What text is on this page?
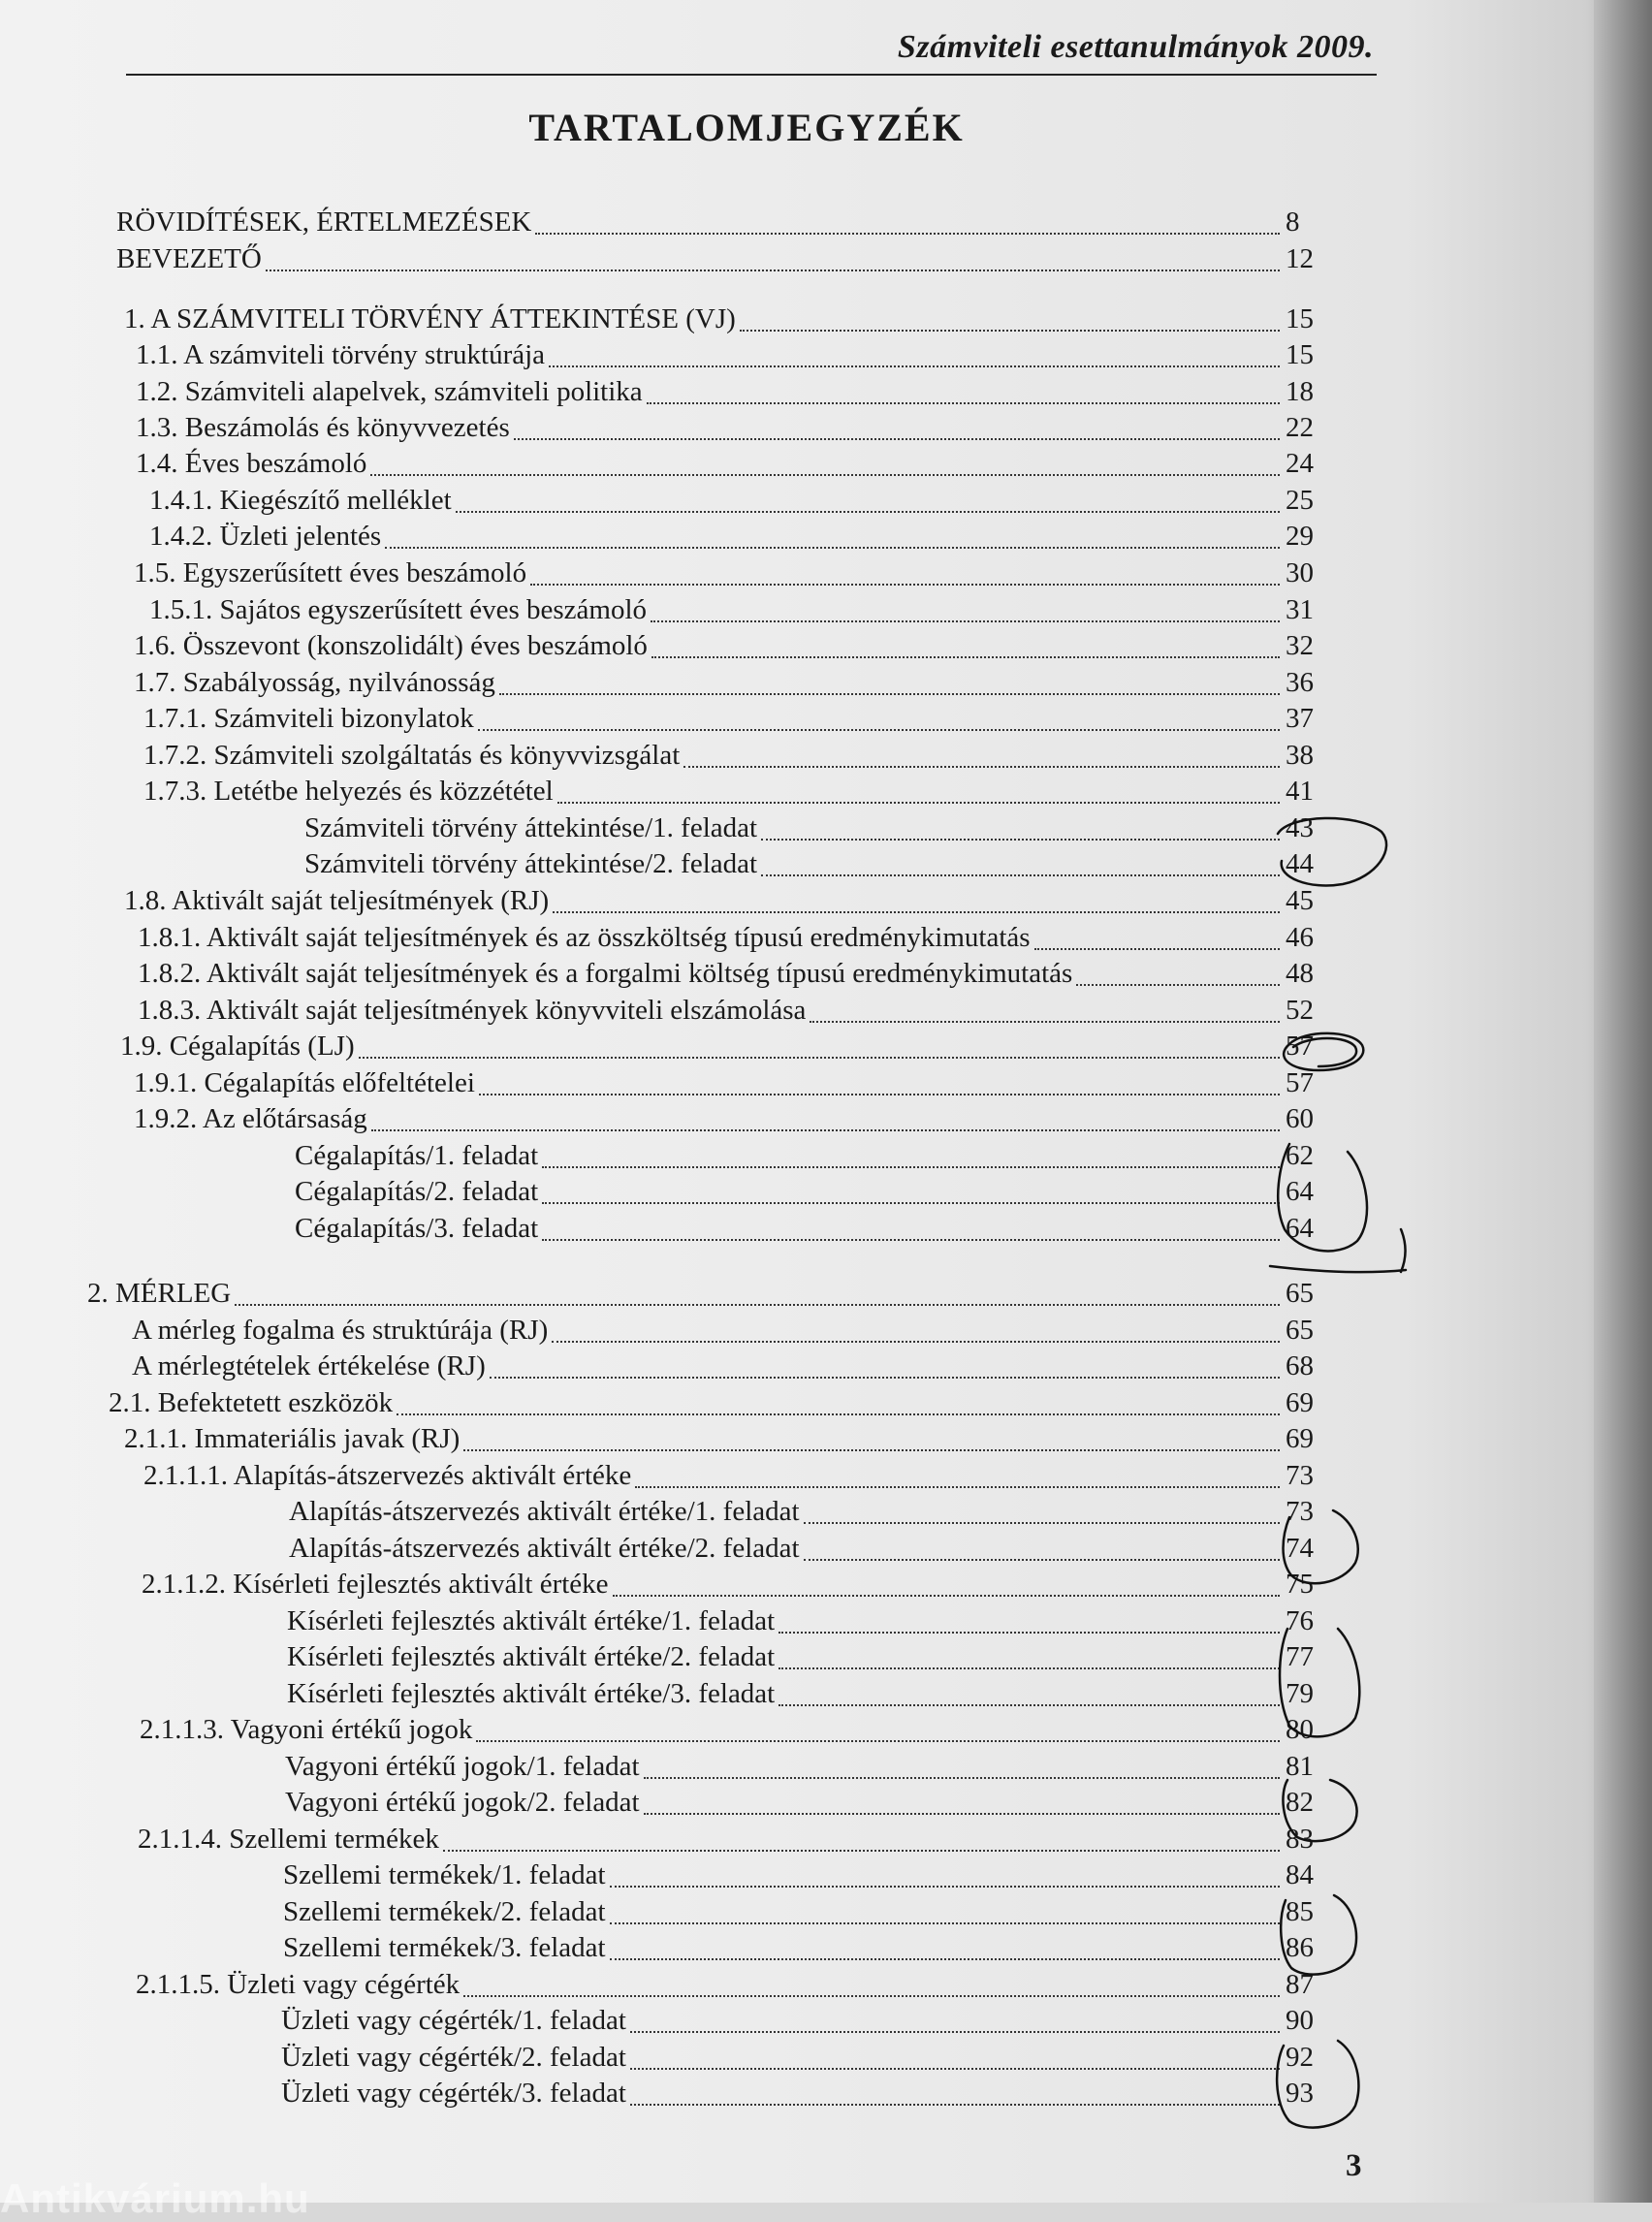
Számviteli esettanulmányok 2009.
TARTALOMJEGYZÉK
RÖVIDÍTÉSEK, ÉRTELMEZÉSEK	8
BEVEZETŐ	12
1. A SZÁMVITELI TÖRVÉNY ÁTTEKINTÉSE (VJ)	15
1.1. A számviteli törvény struktúrája	15
1.2. Számviteli alapelvek, számviteli politika	18
1.3. Beszámolás és könyvvezetés	22
1.4. Éves beszámoló	24
1.4.1. Kiegészítő melléklet	25
1.4.2. Üzleti jelentés	29
1.5. Egyszerűsített éves beszámoló	30
1.5.1. Sajátos egyszerűsített éves beszámoló	31
1.6. Összevont (konszolidált) éves beszámoló	32
1.7. Szabályosság, nyilvánosság	36
1.7.1. Számviteli bizonylatok	37
1.7.2. Számviteli szolgáltatás és könyvvizsgálat	38
1.7.3. Letétbe helyezés és közzététel	41
Számviteli törvény áttekintése/1. feladat	43
Számviteli törvény áttekintése/2. feladat	44
1.8. Aktivált saját teljesítmények (RJ)	45
1.8.1. Aktivált saját teljesítmények és az összköltség típusú eredménykimutatás	46
1.8.2. Aktivált saját teljesítmények és a forgalmi költség típusú eredménykimutatás	48
1.8.3. Aktivált saját teljesítmények könyvviteli elszámolása	52
1.9. Cégalapítás (LJ)	57
1.9.1. Cégalapítás előfeltételei	57
1.9.2. Az előtársaság	60
Cégalapítás/1. feladat	62
Cégalapítás/2. feladat	64
Cégalapítás/3. feladat	64
2. MÉRLEG	65
A mérleg fogalma és struktúrája (RJ)	65
A mérlegtételek értékelése (RJ)	68
2.1. Befektetett eszközök	69
2.1.1. Immateriális javak (RJ)	69
2.1.1.1. Alapítás-átszervezés aktivált értéke	73
Alapítás-átszervezés aktivált értéke/1. feladat	73
Alapítás-átszervezés aktivált értéke/2. feladat	74
2.1.1.2. Kísérleti fejlesztés aktivált értéke	75
Kísérleti fejlesztés aktivált értéke/1. feladat	76
Kísérleti fejlesztés aktivált értéke/2. feladat	77
Kísérleti fejlesztés aktivált értéke/3. feladat	79
2.1.1.3. Vagyoni értékű jogok	80
Vagyoni értékű jogok/1. feladat	81
Vagyoni értékű jogok/2. feladat	82
2.1.1.4. Szellemi termékek	83
Szellemi termékek/1. feladat	84
Szellemi termékek/2. feladat	85
Szellemi termékek/3. feladat	86
2.1.1.5. Üzleti vagy cégérték	87
Üzleti vagy cégérték/1. feladat	90
Üzleti vagy cégérték/2. feladat	92
Üzleti vagy cégérték/3. feladat	93
3
Antikvárium.hu
